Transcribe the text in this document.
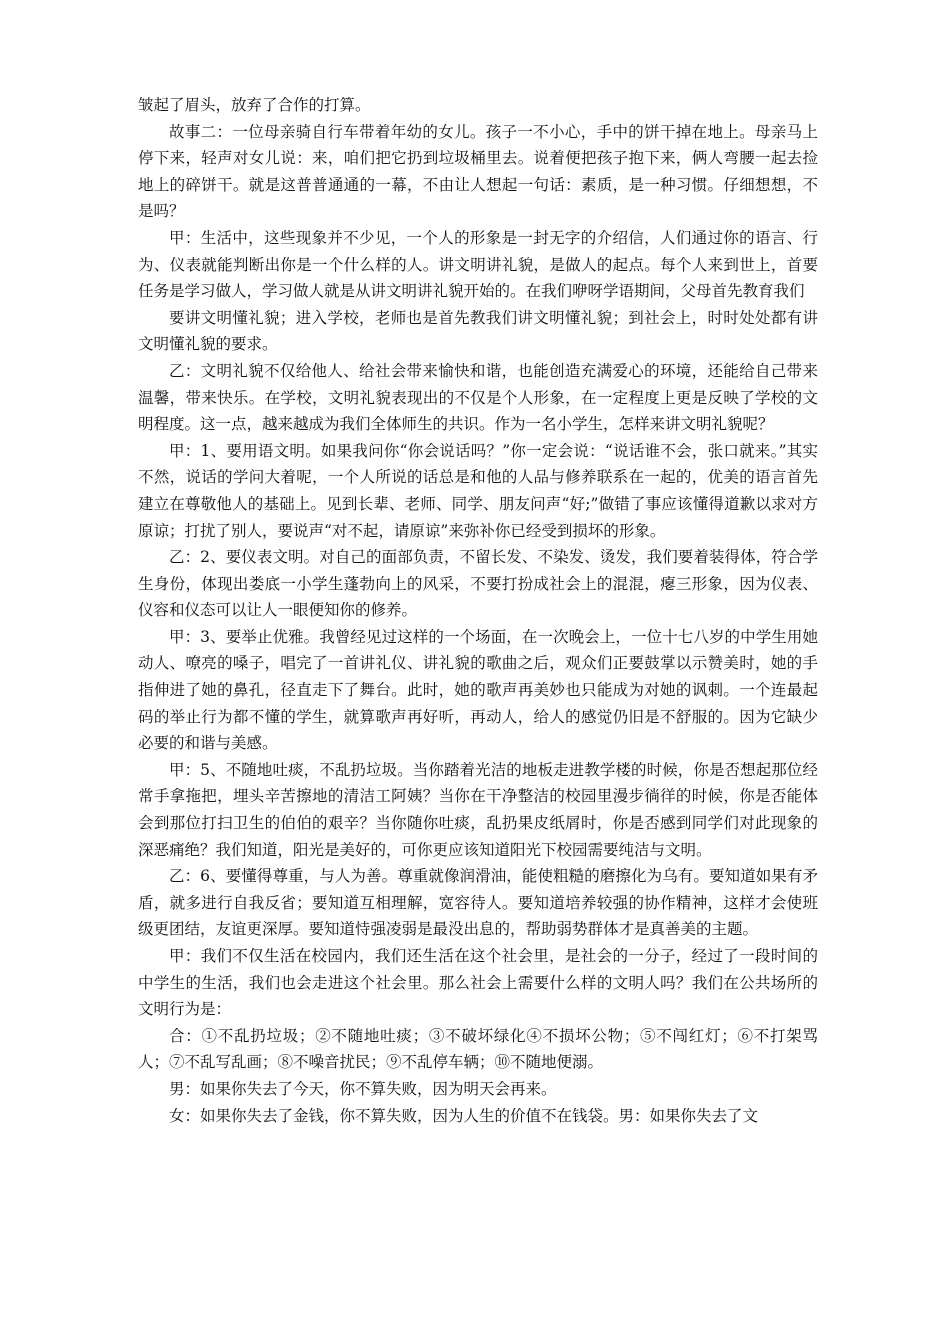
皱起了眉头，放弃了合作的打算。

故事二：一位母亲骑自行车带着年幼的女儿。孩子一不小心，手中的饼干掉在地上。母亲马上停下来，轻声对女儿说：来，咱们把它扔到垃圾桶里去。说着便把孩子抱下来，俩人弯腰一起去捡地上的碎饼干。就是这普普通通的一幕，不由让人想起一句话：素质，是一种习惯。仔细想想，不是吗？

甲：生活中，这些现象并不少见，一个人的形象是一封无字的介绍信，人们通过你的语言、行为、仪表就能判断出你是一个什么样的人。讲文明讲礼貌，是做人的起点。每个人来到世上，首要任务是学习做人，学习做人就是从讲文明讲礼貌开始的。在我们咿呀学语期间，父母首先教育我们

要讲文明懂礼貌；进入学校，老师也是首先教我们讲文明懂礼貌；到社会上，时时处处都有讲文明懂礼貌的要求。

乙：文明礼貌不仅给他人、给社会带来愉快和谐，也能创造充满爱心的环境，还能给自己带来温馨，带来快乐。在学校，文明礼貌表现出的不仅是个人形象，在一定程度上更是反映了学校的文明程度。这一点，越来越成为我们全体师生的共识。作为一名小学生，怎样来讲文明礼貌呢？

甲：1、要用语文明。如果我问你“你会说话吗？”你一定会说：“说话谁不会，张口就来。”其实不然，说话的学问大着呢，一个人所说的话总是和他的人品与修养联系在一起的，优美的语言首先建立在尊敬他人的基础上。见到长辈、老师、同学、朋友问声“好;”做错了事应该懂得道歉以求对方原谅；打扰了别人，要说声“对不起，请原谅”来弥补你已经受到损坏的形象。

乙：2、要仪表文明。对自己的面部负责，不留长发、不染发、烫发，我们要着装得体，符合学生身份，体现出娄底一小学生蓬勃向上的风采，不要打扮成社会上的混混，瘪三形象，因为仪表、仪容和仪态可以让人一眼便知你的修养。

甲：3、要举止优雅。我曾经见过这样的一个场面，在一次晚会上，一位十七八岁的中学生用她动人、嘹亮的嗓子，唱完了一首讲礼仪、讲礼貌的歌曲之后，观众们正要鼓掌以示赞美时，她的手指伸进了她的鼻孔，径直走下了舞台。此时，她的歌声再美妙也只能成为对她的讽刺。一个连最起码的举止行为都不懂的学生，就算歌声再好听，再动人，给人的感觉仍旧是不舒服的。因为它缺少必要的和谐与美感。

甲：5、不随地吐痰，不乱扔垃圾。当你踏着光洁的地板走进教学楼的时候，你是否想起那位经常手拿拖把，埋头辛苦擦地的清洁工阿姨？当你在干净整洁的校园里漫步徜徉的时候，你是否能体会到那位打扫卫生的伯伯的艰辛？当你随你吐痰，乱扔果皮纸屑时，你是否感到同学们对此现象的深恶痛绝？我们知道，阳光是美好的，可你更应该知道阳光下校园需要纯洁与文明。

乙：6、要懂得尊重，与人为善。尊重就像润滑油，能使粗糙的磨擦化为乌有。要知道如果有矛盾，就多进行自我反省；要知道互相理解，宽容待人。要知道培养较强的协作精神，这样才会使班级更团结，友谊更深厚。要知道恃强凌弱是最没出息的，帮助弱势群体才是真善美的主题。

甲：我们不仅生活在校园内，我们还生活在这个社会里，是社会的一分子，经过了一段时间的中学生的生活，我们也会走进这个社会里。那么社会上需要什么样的文明人吗？我们在公共场所的文明行为是：

合：①不乱扔垃圾；②不随地吐痰；③不破坏绿化④不损坏公物；⑤不闯红灯；⑥不打架骂人；⑦不乱写乱画；⑧不噪音扰民；⑨不乱停车辆；⑩不随地便溺。

男：如果你失去了今天，你不算失败，因为明天会再来。

女：如果你失去了金钱，你不算失败，因为人生的价值不在钱袋。男：如果你失去了文
